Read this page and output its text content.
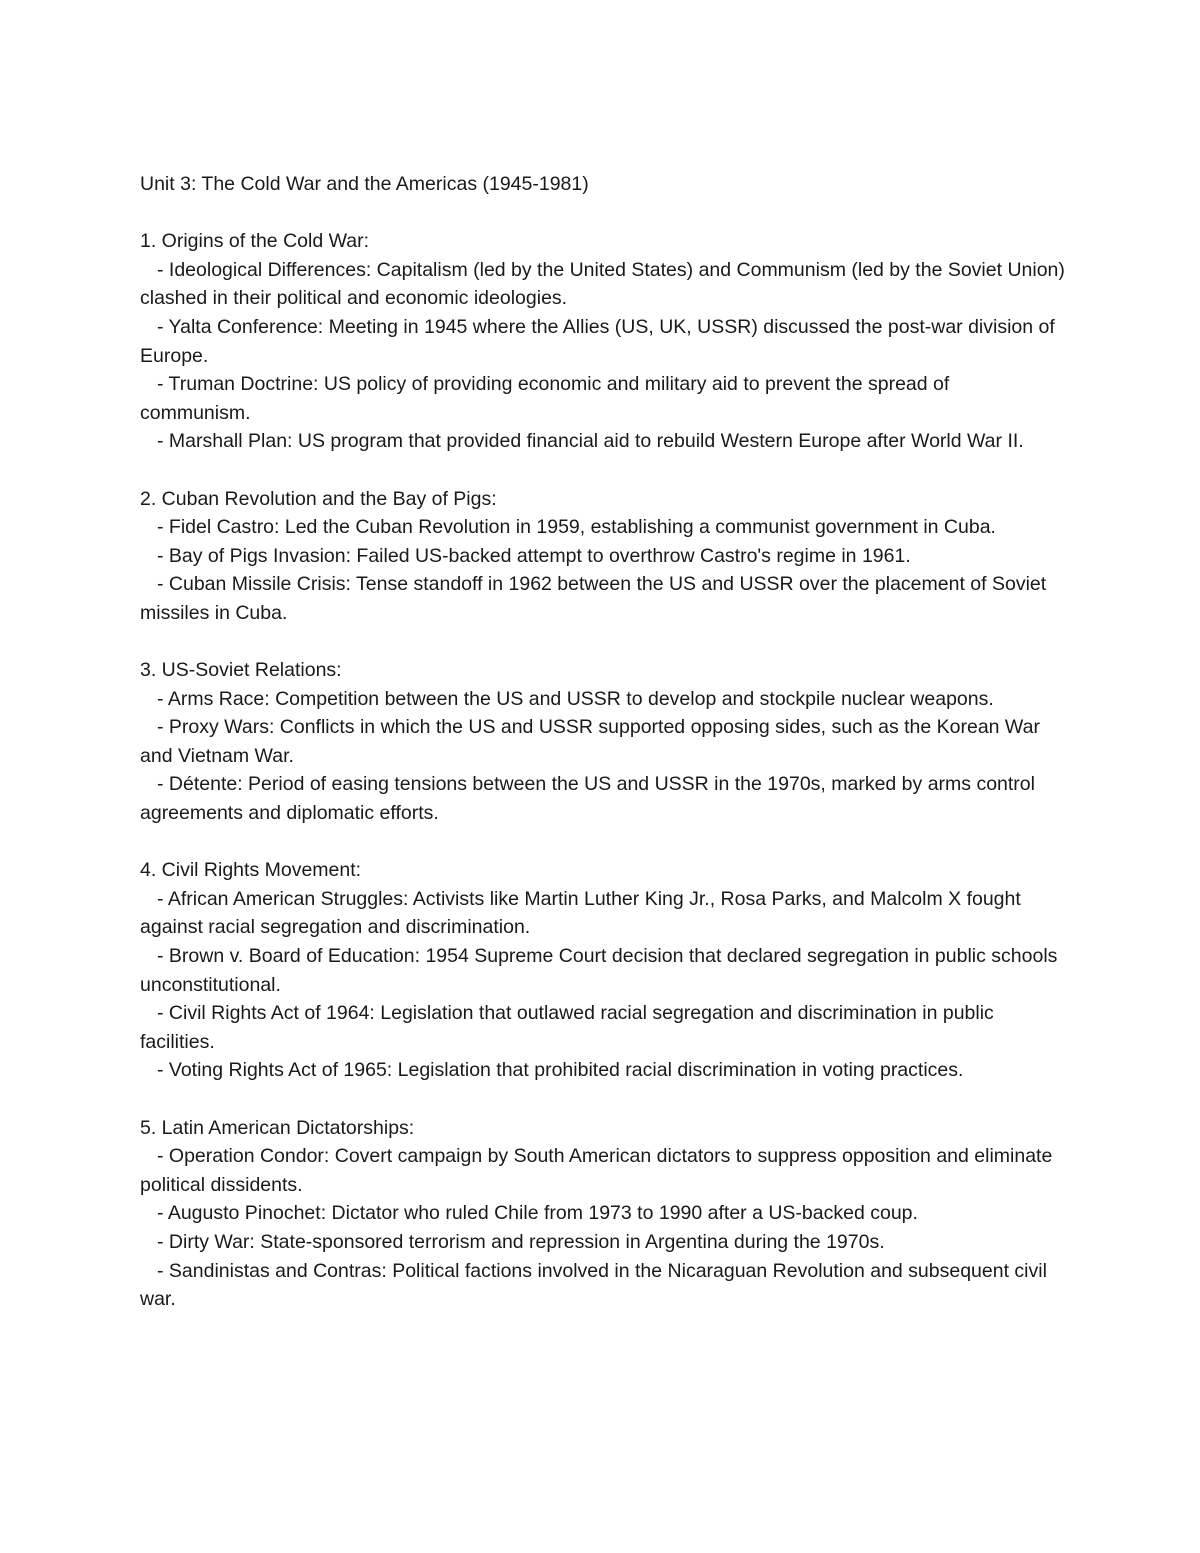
Unit 3: The Cold War and the Americas (1945-1981)

1. Origins of the Cold War:

- Ideological Differences: Capitalism (led by the United States) and Communism (led by the Soviet Union) clashed in their political and economic ideologies.

- Yalta Conference: Meeting in 1945 where the Allies (US, UK, USSR) discussed the post-war division of Europe.

- Truman Doctrine: US policy of providing economic and military aid to prevent the spread of communism.

- Marshall Plan: US program that provided financial aid to rebuild Western Europe after World War II.

2. Cuban Revolution and the Bay of Pigs:

- Fidel Castro: Led the Cuban Revolution in 1959, establishing a communist government in Cuba.

- Bay of Pigs Invasion: Failed US-backed attempt to overthrow Castro's regime in 1961.

- Cuban Missile Crisis: Tense standoff in 1962 between the US and USSR over the placement of Soviet missiles in Cuba.

3. US-Soviet Relations:

- Arms Race: Competition between the US and USSR to develop and stockpile nuclear weapons.

- Proxy Wars: Conflicts in which the US and USSR supported opposing sides, such as the Korean War and Vietnam War.

- Détente: Period of easing tensions between the US and USSR in the 1970s, marked by arms control agreements and diplomatic efforts.

4. Civil Rights Movement:

- African American Struggles: Activists like Martin Luther King Jr., Rosa Parks, and Malcolm X fought against racial segregation and discrimination.

- Brown v. Board of Education: 1954 Supreme Court decision that declared segregation in public schools unconstitutional.

- Civil Rights Act of 1964: Legislation that outlawed racial segregation and discrimination in public facilities.

- Voting Rights Act of 1965: Legislation that prohibited racial discrimination in voting practices.

5. Latin American Dictatorships:

- Operation Condor: Covert campaign by South American dictators to suppress opposition and eliminate political dissidents.

- Augusto Pinochet: Dictator who ruled Chile from 1973 to 1990 after a US-backed coup.

- Dirty War: State-sponsored terrorism and repression in Argentina during the 1970s.

- Sandinistas and Contras: Political factions involved in the Nicaraguan Revolution and subsequent civil war.
